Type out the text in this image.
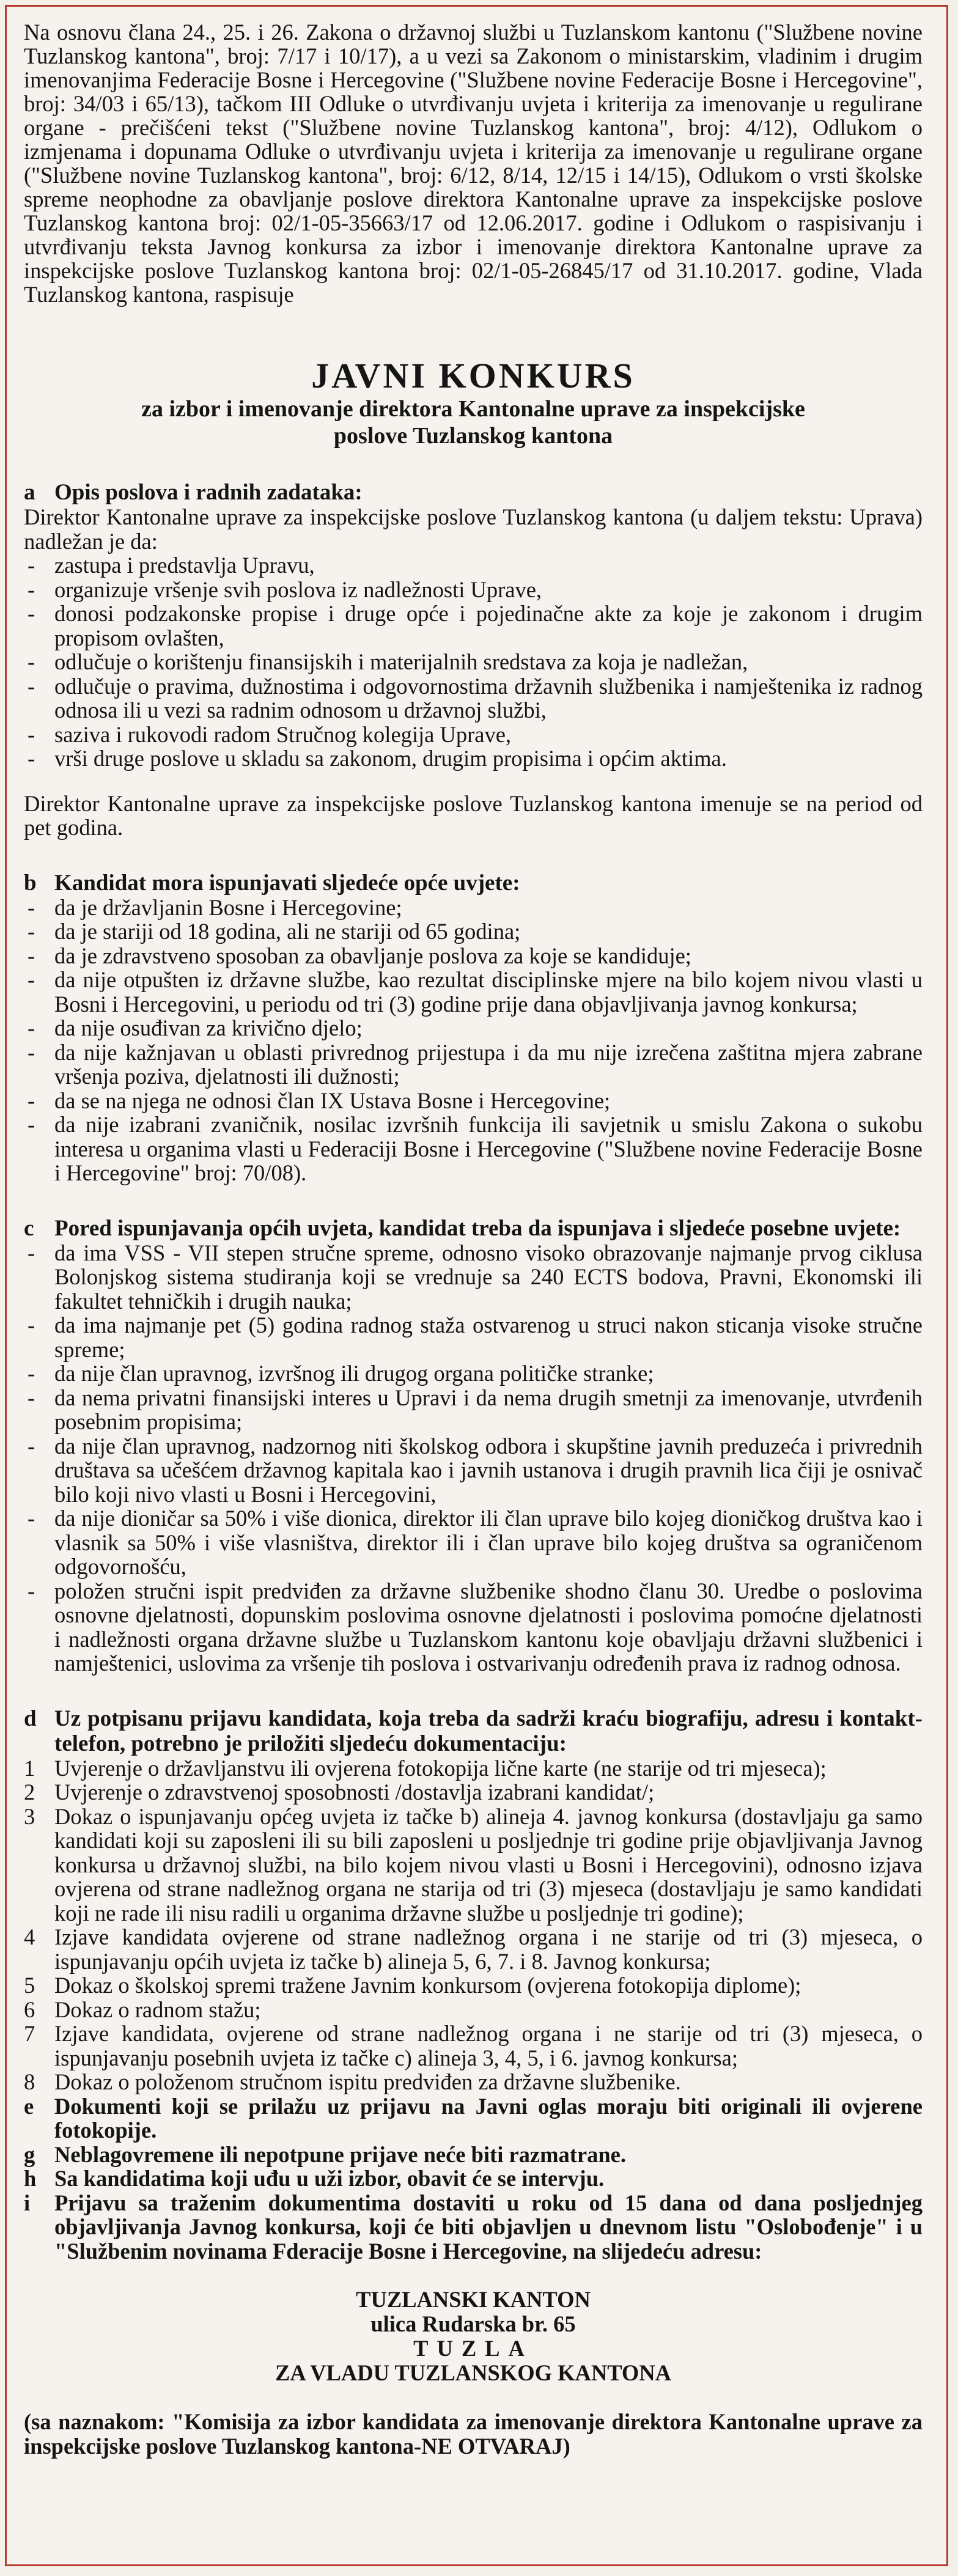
Na osnovu člana 24., 25. i 26. Zakona o državnoj službi u Tuzlanskom kantonu ("Službene novine Tuzlanskog kantona", broj: 7/17 i 10/17), a u vezi sa Zakonom o ministarskim, vladinim i drugim imenovanjima Federacije Bosne i Hercegovine ("Službene novine Federacije Bosne i Hercegovine", broj: 34/03 i 65/13), tačkom III Odluke o utvrđivanju uvjeta i kriterija za imenovanje u regulirane organe - prečišćeni tekst ("Službene novine Tuzlanskog kantona", broj: 4/12), Odlukom o izmjenama i dopunama Odluke o utvrđivanju uvjeta i kriterija za imenovanje u regulirane organe ("Službene novine Tuzlanskog kantona", broj: 6/12, 8/14, 12/15 i 14/15), Odlukom o vrsti školske spreme neophodne za obavljanje poslove direktora Kantonalne uprave za inspekcijske poslove Tuzlanskog kantona broj: 02/1-05-35663/17 od 12.06.2017. godine i Odlukom o raspisivanju i utvrđivanju teksta Javnog konkursa za izbor i imenovanje direktora Kantonalne uprave za inspekcijske poslove Tuzlanskog kantona broj: 02/1-05-26845/17 od 31.10.2017. godine, Vlada Tuzlanskog kantona, raspisuje

JAVNI KONKURS
za izbor i imenovanje direktora Kantonalne uprave za inspekcijske
poslove Tuzlanskog kantona
a Opis poslova i radnih zadataka:

Direktor Kantonalne uprave za inspekcijske poslove Tuzlanskog kantona (u daljem tekstu: Uprava) nadležan je da:

- zastupa i predstavlja Upravu,
- organizuje vršenje svih poslova iz nadležnosti Uprave,
- donosi podzakonske propise i druge opće i pojedinačne akte za koje je zakonom i drugim propisom ovlašten,
- odlučuje o korištenju finansijskih i materijalnih sredstava za koja je nadležan,
- odlučuje o pravima, dužnostima i odgovornostima državnih službenika i namještenika iz radnog odnosa ili u vezi sa radnim odnosom u državnoj službi,
- saziva i rukovodi radom Stručnog kolegija Uprave,
- vrši druge poslove u skladu sa zakonom, drugim propisima i općim aktima.

Direktor Kantonalne uprave za inspekcijske poslove Tuzlanskog kantona imenuje se na period od pet godina.

b Kandidat mora ispunjavati sljedeće opće uvjete:
- da je državljanin Bosne i Hercegovine;
- da je stariji od 18 godina, ali ne stariji od 65 godina;
- da je zdravstveno sposoban za obavljanje poslova za koje se kandiduje;
- da nije otpušten iz državne službe, kao rezultat disciplinske mjere na bilo kojem nivou vlasti u Bosni i Hercegovini, u periodu od tri (3) godine prije dana objavljivanja javnog konkursa;
- da nije osuđivan za krivično djelo;
- da nije kažnjavan u oblasti privrednog prijestupa i da mu nije izrečena zaštitna mjera zabrane vršenja poziva, djelatnosti ili dužnosti;
- da se na njega ne odnosi član IX Ustava Bosne i Hercegovine;
- da nije izabrani zvaničnik, nosilac izvršnih funkcija ili savjetnik u smislu Zakona o sukobu interesa u organima vlasti u Federaciji Bosne i Hercegovine ("Službene novine Federacije Bosne i Hercegovine" broj: 70/08).
c Pored ispunjavanja općih uvjeta, kandidat treba da ispunjava i sljedeće posebne uvjete:
- da ima VSS - VII stepen stručne spreme, odnosno visoko obrazovanje najmanje prvog ciklusa Bolonjskog sistema studiranja koji se vrednuje sa 240 ECTS bodova, Pravni, Ekonomski ili fakultet tehničkih i drugih nauka;
- da ima najmanje pet (5) godina radnog staža ostvarenog u struci nakon sticanja visoke stručne spreme;
- da nije član upravnog, izvršnog ili drugog organa političke stranke;
- da nema privatni finansijski interes u Upravi i da nema drugih smetnji za imenovanje, utvrđenih posebnim propisima;
- da nije član upravnog, nadzornog niti školskog odbora i skupštine javnih preduzeća i privrednih društava sa učešćem državnog kapitala kao i javnih ustanova i drugih pravnih lica čiji je osnivač bilo koji nivo vlasti u Bosni i Hercegovini,
- da nije dioničar sa 50% i više dionica, direktor ili član uprave bilo kojeg dioničkog društva kao i vlasnik sa 50% i više vlasništva, direktor ili i član uprave bilo kojeg društva sa ograničenom odgovornošću,
- položen stručni ispit predviđen za državne službenike shodno članu 30. Uredbe o poslovima osnovne djelatnosti, dopunskim poslovima osnovne djelatnosti i poslovima pomoćne djelatnosti i nadležnosti organa državne službe u Tuzlanskom kantonu koje obavljaju državni službenici i namještenici, uslovima za vršenje tih poslova i ostvarivanju određenih prava iz radnog odnosa.
d Uz potpisanu prijavu kandidata, koja treba da sadrži kraću biografiju, adresu i kontakt-telefon, potrebno je priložiti sljedeću dokumentaciju:
1 Uvjerenje o državljanstvu ili ovjerena fotokopija lične karte (ne starije od tri mjeseca);
2 Uvjerenje o zdravstvenoj sposobnosti /dostavlja izabrani kandidat/;
3 Dokaz o ispunjavanju općeg uvjeta iz tačke b) alineja 4. javnog konkursa (dostavljaju ga samo kandidati koji su zaposleni ili su bili zaposleni u posljednje tri godine prije objavljivanja Javnog konkursa u državnoj službi, na bilo kojem nivou vlasti u Bosni i Hercegovini), odnosno izjava ovjerena od strane nadležnog organa ne starija od tri (3) mjeseca (dostavljaju je samo kandidati koji ne rade ili nisu radili u organima državne službe u posljednje tri godine);
4 Izjave kandidata ovjerene od strane nadležnog organa i ne starije od tri (3) mjeseca, o ispunjavanju općih uvjeta iz tačke b) alineja 5, 6, 7. i 8. Javnog konkursa;
5 Dokaz o školskoj spremi tražene Javnim konkursom (ovjerena fotokopija diplome);
6 Dokaz o radnom stažu;
7 Izjave kandidata, ovjerene od strane nadležnog organa i ne starije od tri (3) mjeseca, o ispunjavanju posebnih uvjeta iz tačke c) alineja 3, 4, 5, i 6. javnog konkursa;
8 Dokaz o položenom stručnom ispitu predviđen za državne službenike.
e Dokumenti koji se prilažu uz prijavu na Javni oglas moraju biti originali ili ovjerene fotokopije.
g Neblagovremene ili nepotpune prijave neće biti razmatrane.
h Sa kandidatima koji uđu u uži izbor, obavit će se intervju.
i	Prijavu sa traženim dokumentima dostaviti u roku od 15 dana od dana posljednjeg objavljivanja Javnog konkursa, koji će biti objavljen u dnevnom listu "Oslobođenje" i u "Službenim novinama Fderacije Bosne i Hercegovine, na slijedeću adresu:
TUZLANSKI KANTON
ulica Rudarska br. 65
TUZLA
ZA VLADU TUZLANSKOG KANTONA

(sa naznakom: "Komisija za izbor kandidata za imenovanje direktora Kantonalne uprave za inspekcijske poslove Tuzlanskog kantona-NE OTVARAJ)
